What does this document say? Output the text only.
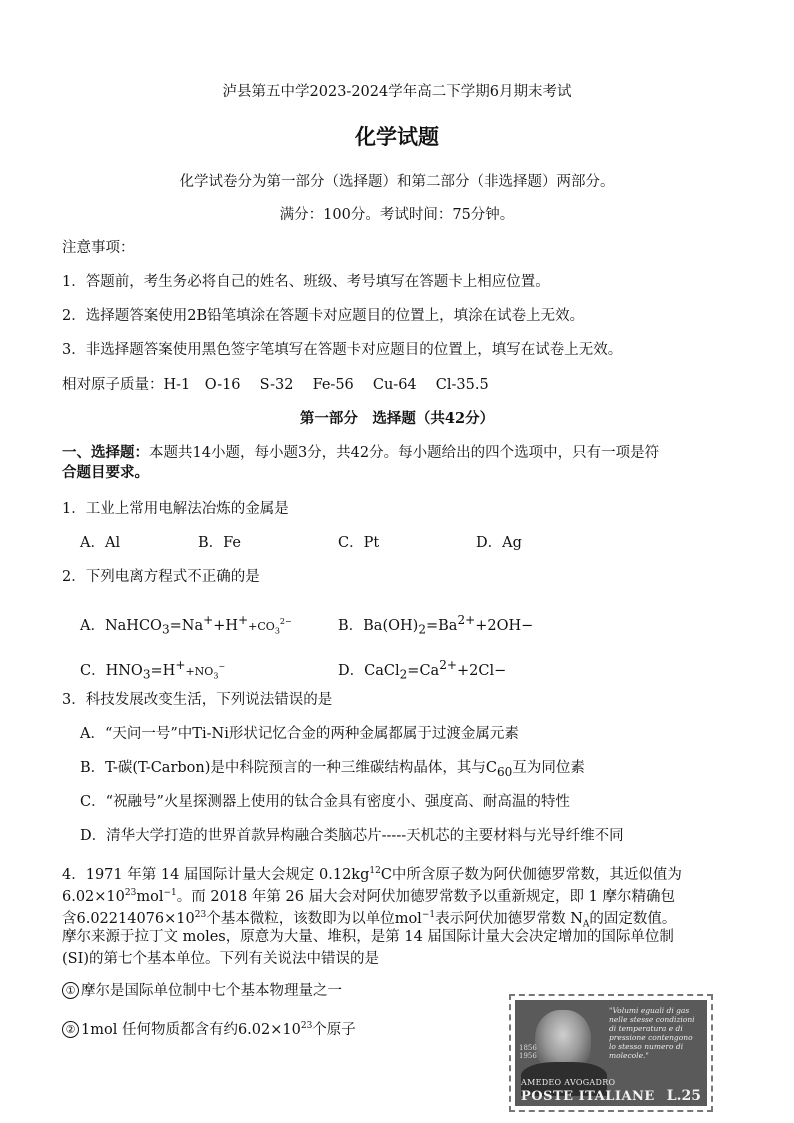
泸县第五中学2023-2024学年高二下学期6月期末考试
化学试题
化学试卷分为第一部分（选择题）和第二部分（非选择题）两部分。
满分：100分。考试时间：75分钟。
注意事项：
1．答题前，考生务必将自己的姓名、班级、考号填写在答题卡上相应位置。
2．选择题答案使用2B铅笔填涂在答题卡对应题目的位置上，填涂在试卷上无效。
3．非选择题答案使用黑色签字笔填写在答题卡对应题目的位置上，填写在试卷上无效。
相对原子质量：H-1　O-16　 S-32　 Fe-56　 Cu-64　 Cl-35.5
第一部分　选择题（共42分）
一、选择题：本题共14小题，每小题3分，共42分。每小题给出的四个选项中，只有一项是符
合题目要求。
1．工业上常用电解法冶炼的金属是
A．Al	B．Fe	C．Pt	D．Ag
2．下列电离方程式不正确的是
A．$NaHCO_3=Na^++H^++CO_3^{2-}$	B．$Ba(OH)_2=Ba^{2+}+2OH-$
C．$HNO_3=H^++NO_3^-$	D．$CaCl_2=Ca^{2+}+2Cl-$
3．科技发展改变生活，下列说法错误的是
A．“天问一号”中Ti-Ni形状记忆合金的两种金属都属于过渡金属元素
B．T-碳(T-Carbon)是中科院预言的一种三维碳结构晶体，其与$C_{60}$互为同位素
C．“祝融号”火星探测器上使用的钛合金具有密度小、强度高、耐高温的特性
D．清华大学打造的世界首款异构融合类脑芯片-----天机芯的主要材料与光导纤维不同
4．1971 年第 14 届国际计量大会规定 $0.12kg^{12}C$中所含原子数为阿伏伽德罗常数，其近似值为
$6.02\times 10^{23}mol^{-1}$。而 2018 年第 26 届大会对阿伏加德罗常数予以重新规定，即 1 摩尔精确包
含$6.02214076\times 10^{23}$个基本微粒，该数即为以单位mol$^{-1}$表示阿伏加德罗常数 $N_A$的固定数值。
摩尔来源于拉丁文 moles，原意为大量、堆积，是第 14 届国际计量大会决定增加的国际单位制
(SI)的第七个基本单位。下列有关说法中错误的是
① 摩尔是国际单位制中七个基本物理量之一
② 1mol 任何物质都含有约$6.02\times 10^{23}$个原子
1856
1956
"Volumi eguali di gas nelle stesse condizioni di temperatura e di pressione contengono lo stesso numero di molecole."
AMEDEO AVOGADRO
POSTE ITALIANE L.25
